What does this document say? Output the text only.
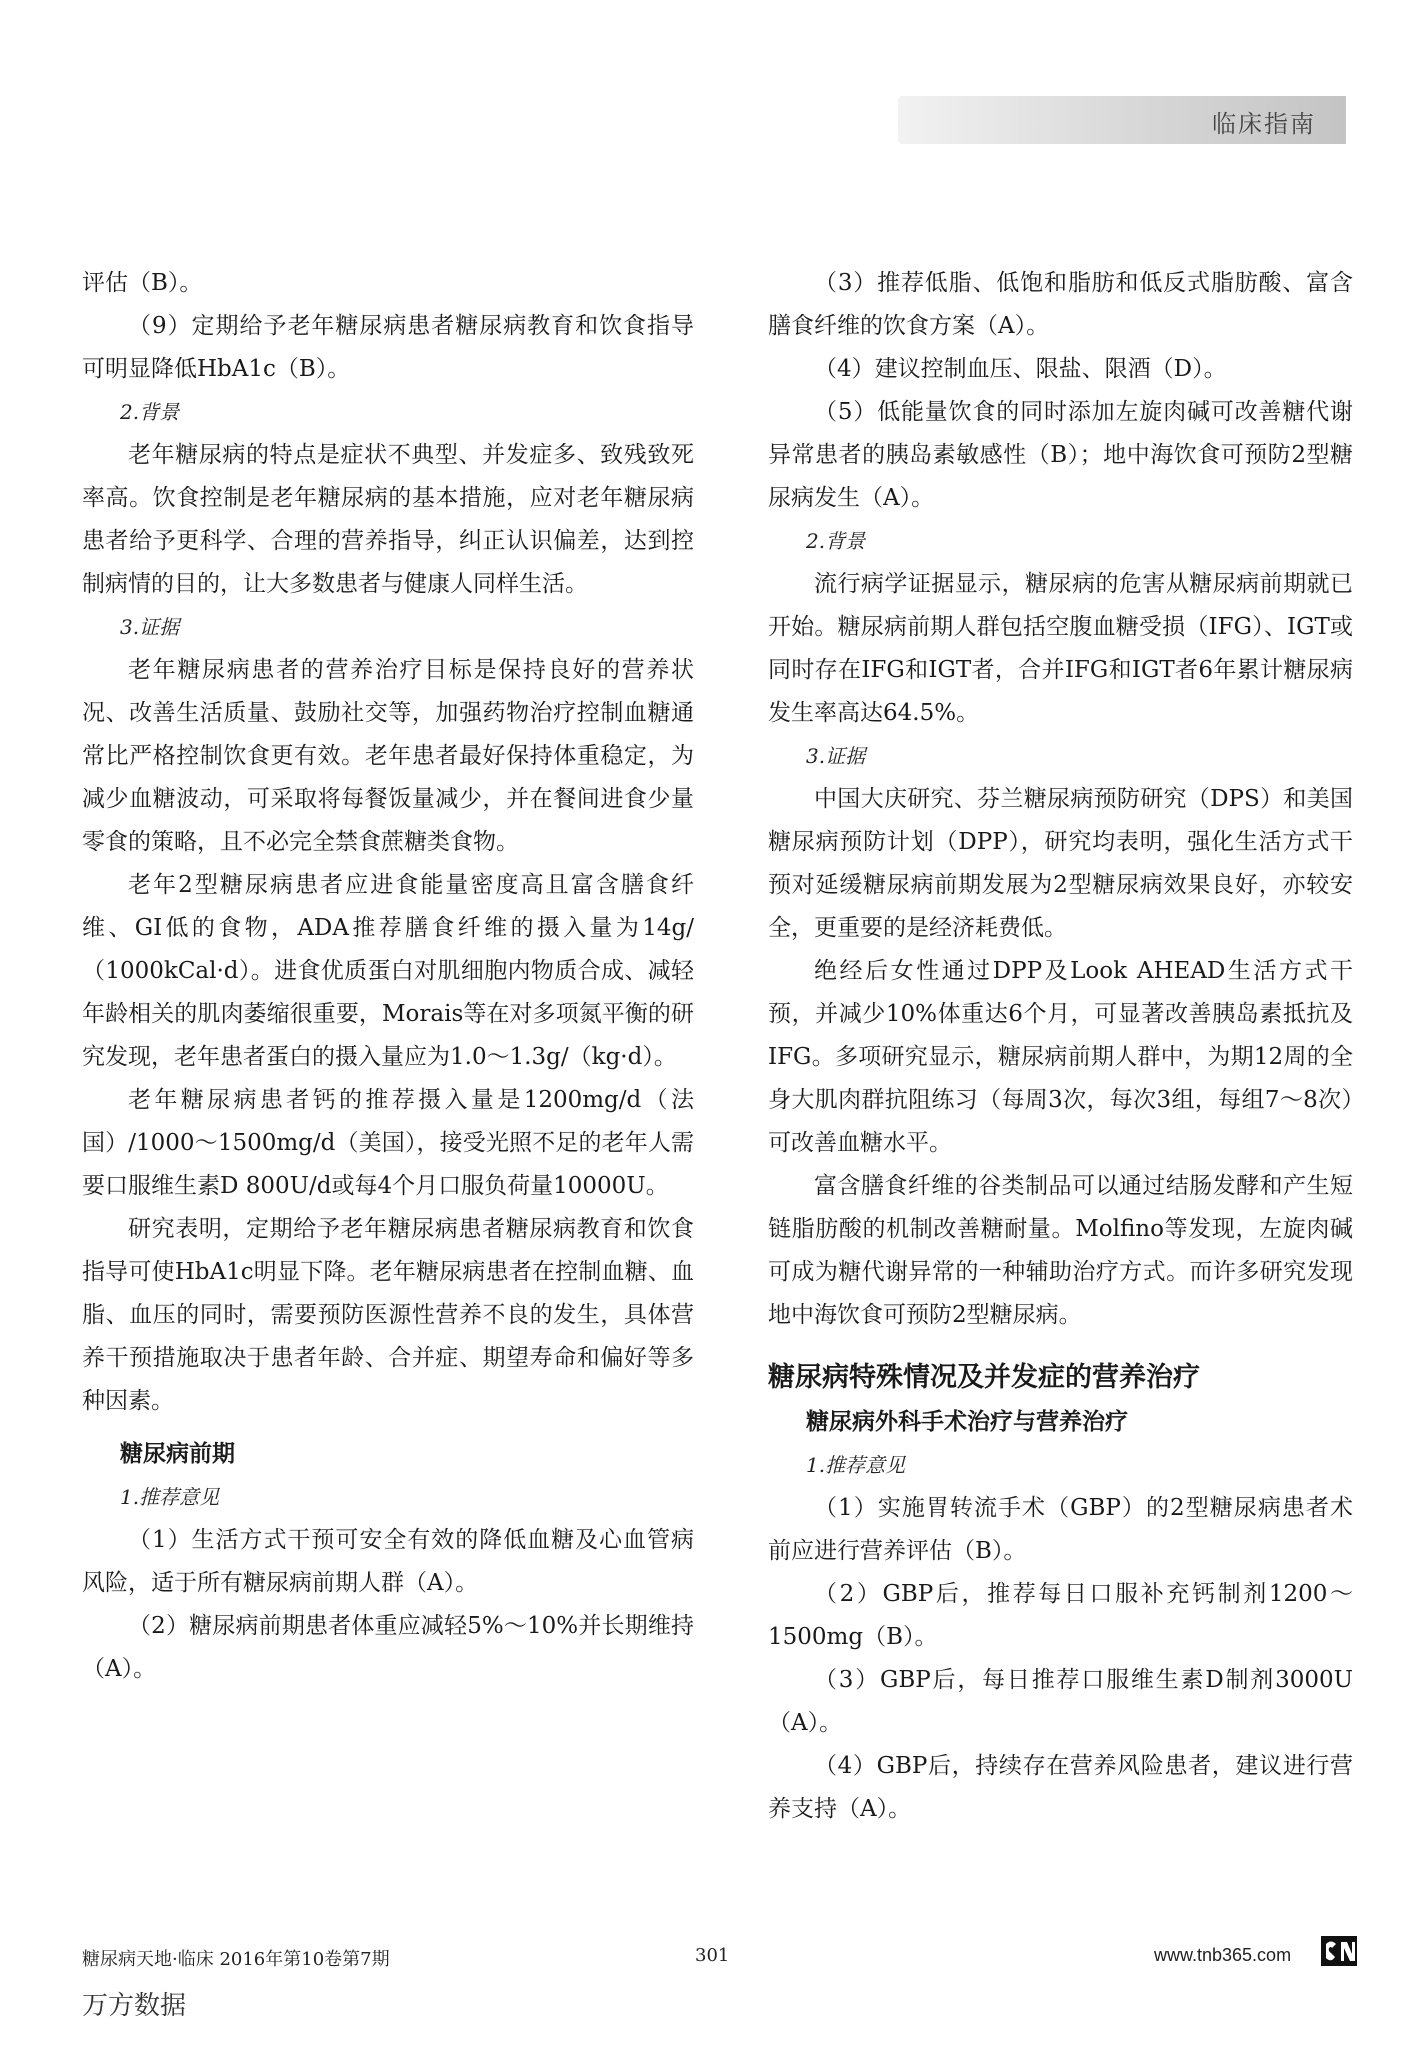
临床指南

评估（B）。

（9）定期给予老年糖尿病患者糖尿病教育和饮食指导可明显降低HbA1c（B）。

2.背景

老年糖尿病的特点是症状不典型、并发症多、致残致死率高。饮食控制是老年糖尿病的基本措施，应对老年糖尿病患者给予更科学、合理的营养指导，纠正认识偏差，达到控制病情的目的，让大多数患者与健康人同样生活。

3.证据

老年糖尿病患者的营养治疗目标是保持良好的营养状况、改善生活质量、鼓励社交等，加强药物治疗控制血糖通常比严格控制饮食更有效。老年患者最好保持体重稳定，为减少血糖波动，可采取将每餐饭量减少，并在餐间进食少量零食的策略，且不必完全禁食蔗糖类食物。

老年2型糖尿病患者应进食能量密度高且富含膳食纤维、GI低的食物，ADA推荐膳食纤维的摄入量为14g/（1000kCal·d）。进食优质蛋白对肌细胞内物质合成、减轻年龄相关的肌肉萎缩很重要，Morais等在对多项氮平衡的研究发现，老年患者蛋白的摄入量应为1.0～1.3g/（kg·d）。

老年糖尿病患者钙的推荐摄入量是1200mg/d（法国）/1000～1500mg/d（美国），接受光照不足的老年人需要口服维生素D 800U/d或每4个月口服负荷量10000U。

研究表明，定期给予老年糖尿病患者糖尿病教育和饮食指导可使HbA1c明显下降。老年糖尿病患者在控制血糖、血脂、血压的同时，需要预防医源性营养不良的发生，具体营养干预措施取决于患者年龄、合并症、期望寿命和偏好等多种因素。

糖尿病前期

1.推荐意见

（1）生活方式干预可安全有效的降低血糖及心血管病风险，适于所有糖尿病前期人群（A）。

（2）糖尿病前期患者体重应减轻5%～10%并长期维持（A）。

（3）推荐低脂、低饱和脂肪和低反式脂肪酸、富含膳食纤维的饮食方案（A）。

（4）建议控制血压、限盐、限酒（D）。

（5）低能量饮食的同时添加左旋肉碱可改善糖代谢异常患者的胰岛素敏感性（B）；地中海饮食可预防2型糖尿病发生（A）。

2.背景

流行病学证据显示，糖尿病的危害从糖尿病前期就已开始。糖尿病前期人群包括空腹血糖受损（IFG）、IGT或同时存在IFG和IGT者，合并IFG和IGT者6年累计糖尿病发生率高达64.5%。

3.证据

中国大庆研究、芬兰糖尿病预防研究（DPS）和美国糖尿病预防计划（DPP），研究均表明，强化生活方式干预对延缓糖尿病前期发展为2型糖尿病效果良好，亦较安全，更重要的是经济耗费低。

绝经后女性通过DPP及Look AHEAD生活方式干预，并减少10%体重达6个月，可显著改善胰岛素抵抗及IFG。多项研究显示，糖尿病前期人群中，为期12周的全身大肌肉群抗阻练习（每周3次，每次3组，每组7～8次）可改善血糖水平。

富含膳食纤维的谷类制品可以通过结肠发酵和产生短链脂肪酸的机制改善糖耐量。Molfino等发现，左旋肉碱可成为糖代谢异常的一种辅助治疗方式。而许多研究发现地中海饮食可预防2型糖尿病。

糖尿病特殊情况及并发症的营养治疗

糖尿病外科手术治疗与营养治疗

1.推荐意见

（1）实施胃转流手术（GBP）的2型糖尿病患者术前应进行营养评估（B）。

（2）GBP后，推荐每日口服补充钙制剂1200～1500mg（B）。

（3）GBP后，每日推荐口服维生素D制剂3000U（A）。

（4）GBP后，持续存在营养风险患者，建议进行营养支持（A）。

糖尿病天地·临床 2016年第10卷第7期	301	www.tnb365.com
万方数据
